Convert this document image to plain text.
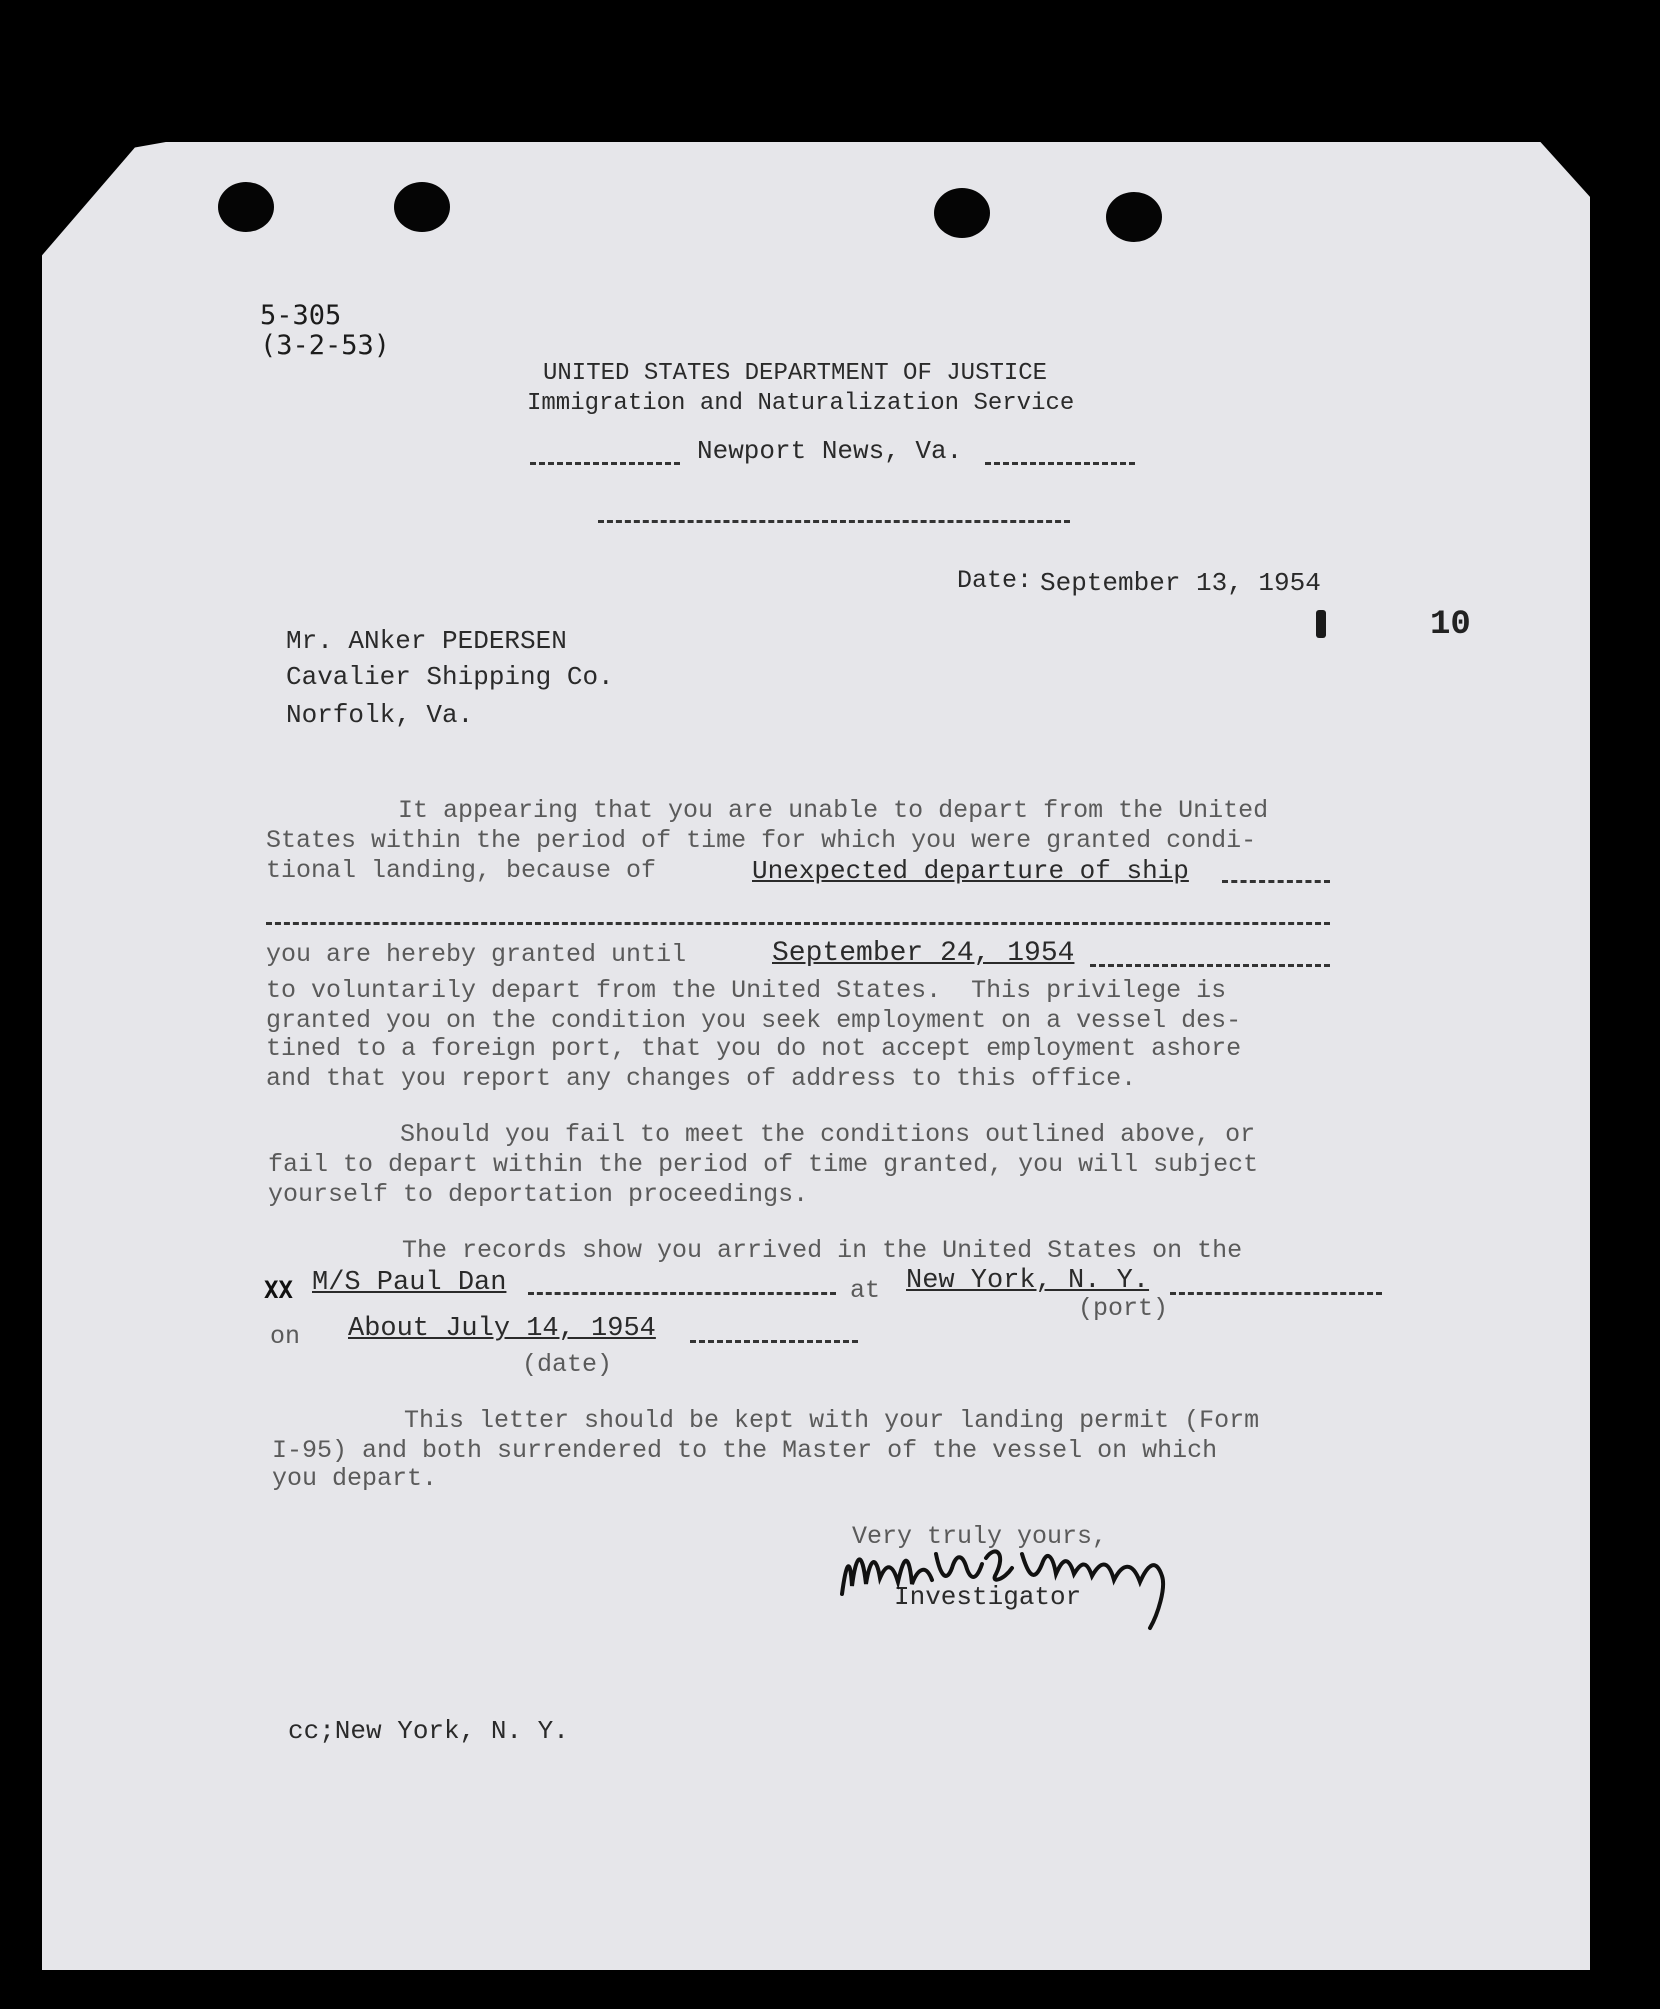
5-305
(3-2-53)
UNITED STATES DEPARTMENT OF JUSTICE
Immigration and Naturalization Service
Newport News, Va.
Date: September 13, 1954
10
Mr. ANker PEDERSEN
Cavalier Shipping Co.
Norfolk, Va.
It appearing that you are unable to depart from the United
States within the period of time for which you were granted condi-
tional landing, because of	Unexpected departure of ship
you are hereby granted until	September 24, 1954
to voluntarily depart from the United States.  This privilege is
granted you on the condition you seek employment on a vessel des-
tined to a foreign port, that you do not accept employment ashore
and that you report any changes of address to this office.
Should you fail to meet the conditions outlined above, or
fail to depart within the period of time granted, you will subject
yourself to deportation proceedings.
The records show you arrived in the United States on the
XX M/S Paul Dan	at New York, N. Y.
(port)
on About July 14, 1954
(date)
This letter should be kept with your landing permit (Form
I-95) and both surrendered to the Master of the vessel on which
you depart.
Very truly yours,
Investigator
cc;New York, N. Y.
